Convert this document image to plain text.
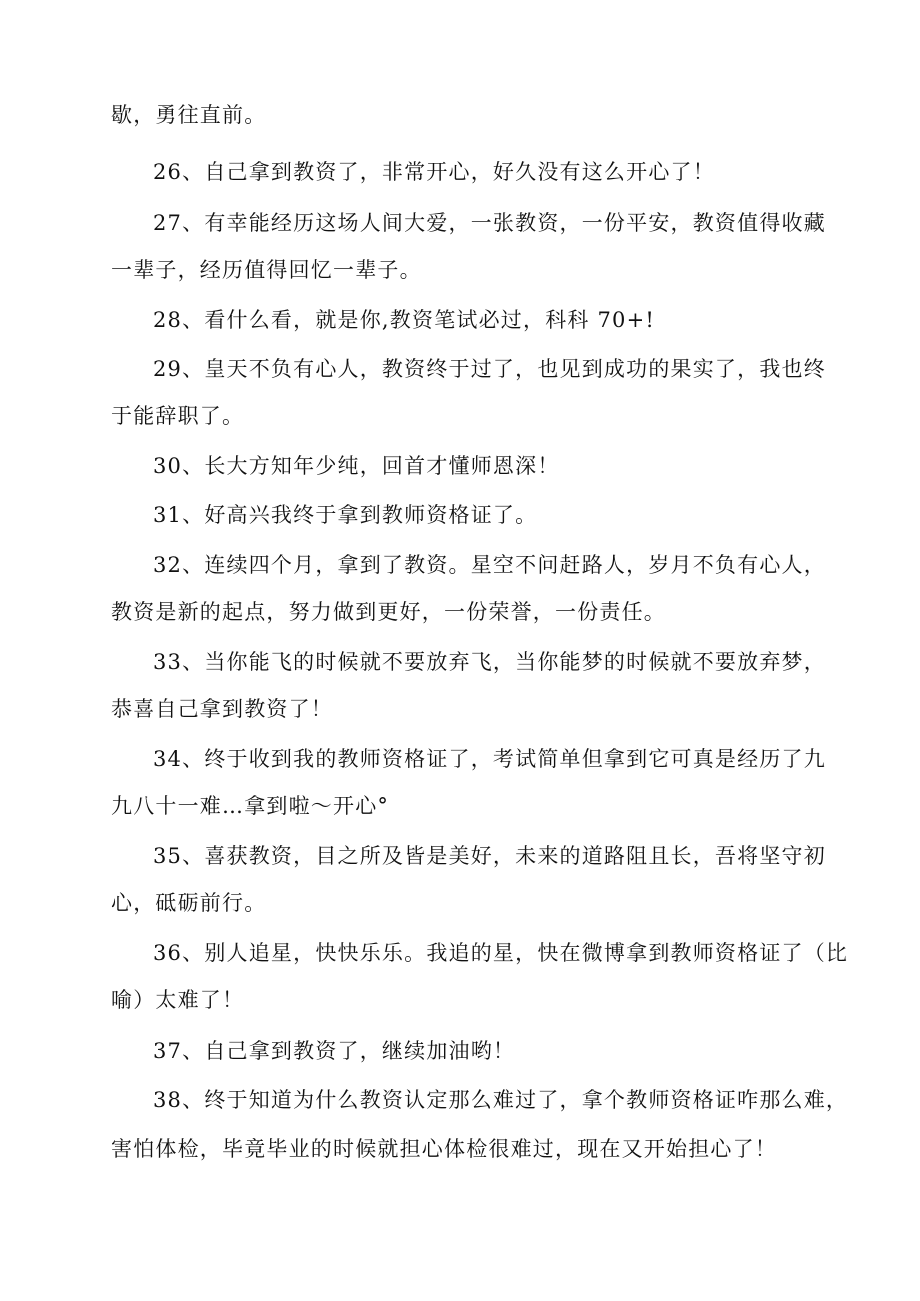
歇，勇往直前。
26、自己拿到教资了，非常开心，好久没有这么开心了！
27、有幸能经历这场人间大爱，一张教资，一份平安，教资值得收藏
一辈子，经历值得回忆一辈子。
28、看什么看，就是你,教资笔试必过，科科 70+!
29、皇天不负有心人，教资终于过了，也见到成功的果实了，我也终
于能辞职了。
30、长大方知年少纯，回首才懂师恩深！
31、好高兴我终于拿到教师资格证了。
32、连续四个月，拿到了教资。星空不问赶路人，岁月不负有心人，
教资是新的起点，努力做到更好，一份荣誉，一份责任。
33、当你能飞的时候就不要放弃飞，当你能梦的时候就不要放弃梦，
恭喜自己拿到教资了！
34、终于收到我的教师资格证了，考试简单但拿到它可真是经历了九
九八十一难…拿到啦～开心°
35、喜获教资，目之所及皆是美好，未来的道路阻且长，吾将坚守初
心，砥砺前行。
36、别人追星，快快乐乐。我追的星，快在微博拿到教师资格证了（比
喻）太难了！
37、自己拿到教资了，继续加油哟！
38、终于知道为什么教资认定那么难过了，拿个教师资格证咋那么难，
害怕体检，毕竟毕业的时候就担心体检很难过，现在又开始担心了！
